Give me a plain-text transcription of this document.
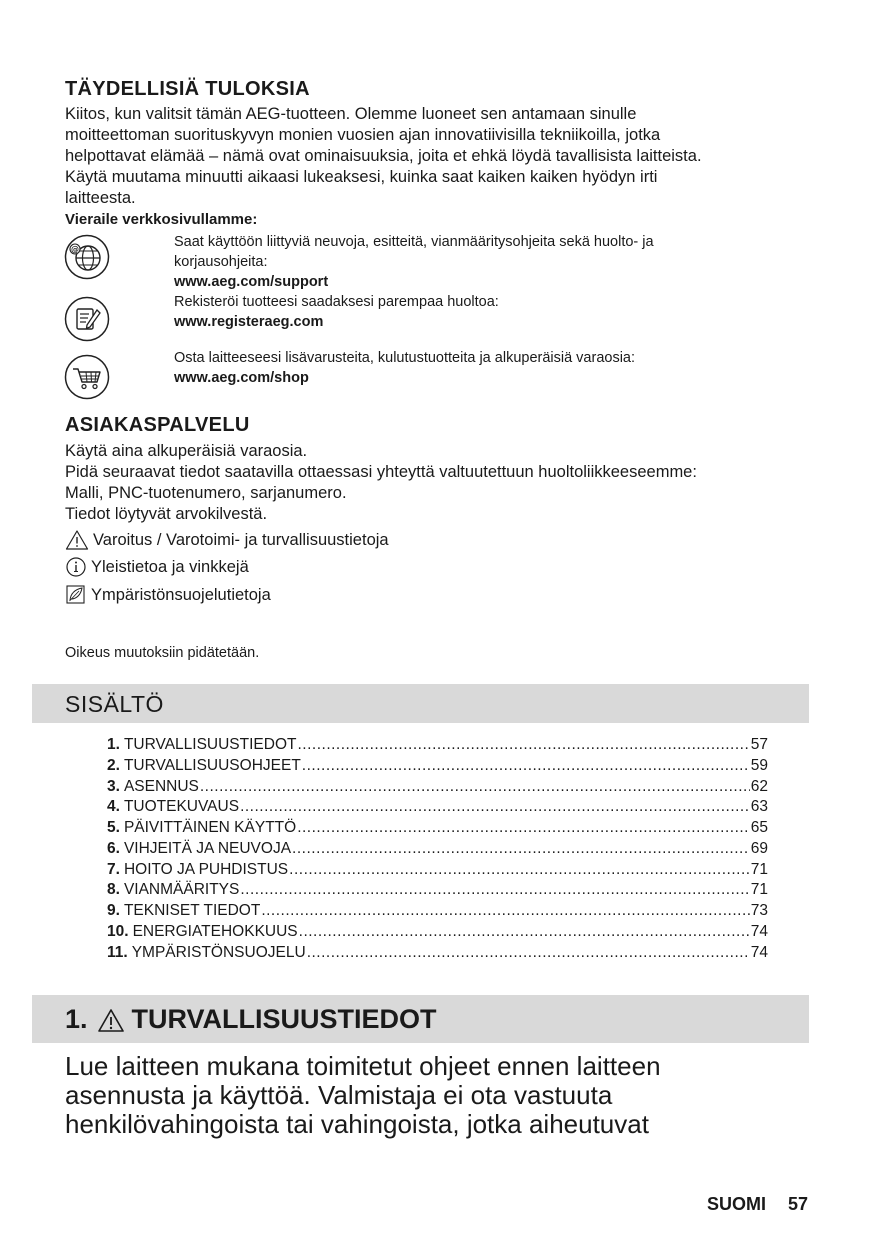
TÄYDELLISIÄ TULOKSIA

Kiitos, kun valitsit tämän AEG-tuotteen. Olemme luoneet sen antamaan sinulle

moitteettoman suorituskyvyn monien vuosien ajan innovatiivisilla tekniikoilla, jotka

helpottavat elämää – nämä ovat ominaisuuksia, joita et ehkä löydä tavallisista laitteista.

Käytä muutama minuutti aikaasi lukeaksesi, kuinka saat kaiken kaiken hyödyn irti

laitteesta.

Vieraile verkkosivullamme:

@	Saat käyttöön liittyviä neuvoja, esitteitä, vianmääritysohjeita sekä huolto- ja

korjausohjeita:

www.aeg.com/support

Rekisteröi tuotteesi saadaksesi parempaa huoltoa:

www.registeraeg.com

Osta laitteeseesi lisävarusteita, kulutustuotteita ja alkuperäisiä varaosia:

www.aeg.com/shop

ASIAKASPALVELU

Käytä aina alkuperäisiä varaosia.

Pidä seuraavat tiedot saatavilla ottaessasi yhteyttä valtuutettuun huoltoliikkeeseemme:

Malli, PNC-tuotenumero, sarjanumero.

Tiedot löytyvät arvokilvestä.

Varoitus / Varotoimi- ja turvallisuustietoja
Yleistietoa ja vinkkejä
Ympäristönsuojelutietoja
Oikeus muutoksiin pidätetään.
SISÄLTÖ
1. TURVALLISUUSTIEDOT .....	57
2. TURVALLISUUSOHJEET .....	59
3. ASENNUS .....	62
4. TUOTEKUVAUS .....	63
5. PÄIVITTÄINEN KÄYTTÖ .....	65
6. VIHJEITÄ JA NEUVOJA .....	69
7. HOITO JA PUHDISTUS .....	71
8. VIANMÄÄRITYS .....	71
9. TEKNISET TIEDOT .....	73
10. ENERGIATEHOKKUUS .....	74
11. YMPÄRISTÖNSUOJELU .....	74
1. TURVALLISUUSTIEDOT
Lue laitteen mukana toimitetut ohjeet ennen laitteen
asennusta ja käyttöä. Valmistaja ei ota vastuuta
henkilövahingoista tai vahingoista, jotka aiheutuvat
SUOMI 57
